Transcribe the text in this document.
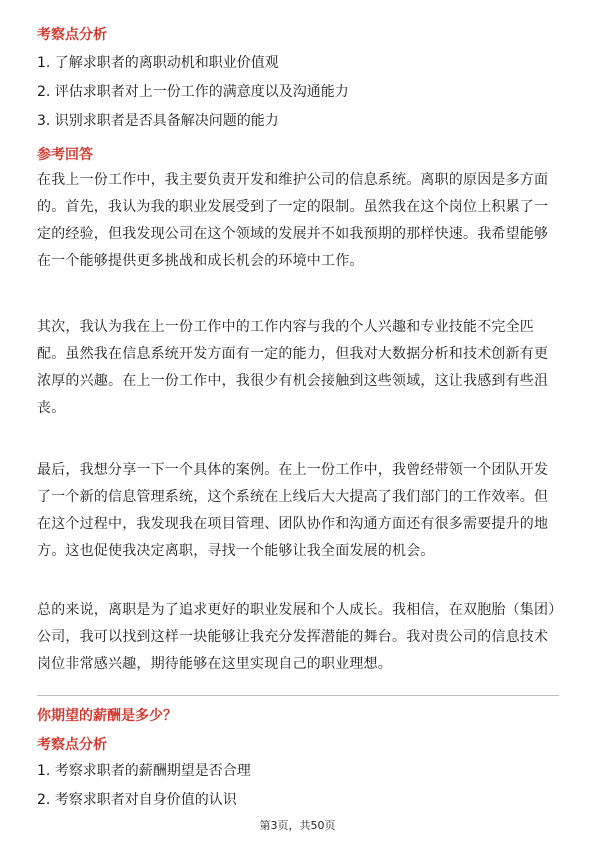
考察点分析

1. 了解求职者的离职动机和职业价值观

2. 评估求职者对上一份工作的满意度以及沟通能力

3. 识别求职者是否具备解决问题的能力

参考回答

在我上一份工作中，我主要负责开发和维护公司的信息系统。离职的原因是多方面的。首先，我认为我的职业发展受到了一定的限制。虽然我在这个岗位上积累了一定的经验，但我发现公司在这个领域的发展并不如我预期的那样快速。我希望能够在一个能够提供更多挑战和成长机会的环境中工作。

其次，我认为我在上一份工作中的工作内容与我的个人兴趣和专业技能不完全匹配。虽然我在信息系统开发方面有一定的能力，但我对大数据分析和技术创新有更浓厚的兴趣。在上一份工作中，我很少有机会接触到这些领域，这让我感到有些沮丧。

最后，我想分享一下一个具体的案例。在上一份工作中，我曾经带领一个团队开发了一个新的信息管理系统，这个系统在上线后大大提高了我们部门的工作效率。但在这个过程中，我发现我在项目管理、团队协作和沟通方面还有很多需要提升的地方。这也促使我决定离职，寻找一个能够让我全面发展的机会。

总的来说，离职是为了追求更好的职业发展和个人成长。我相信，在双胞胎（集团）公司，我可以找到这样一块能够让我充分发挥潜能的舞台。我对贵公司的信息技术岗位非常感兴趣，期待能够在这里实现自己的职业理想。

你期望的薪酬是多少？

考察点分析

1. 考察求职者的薪酬期望是否合理

2. 考察求职者对自身价值的认识

第3页，共50页
